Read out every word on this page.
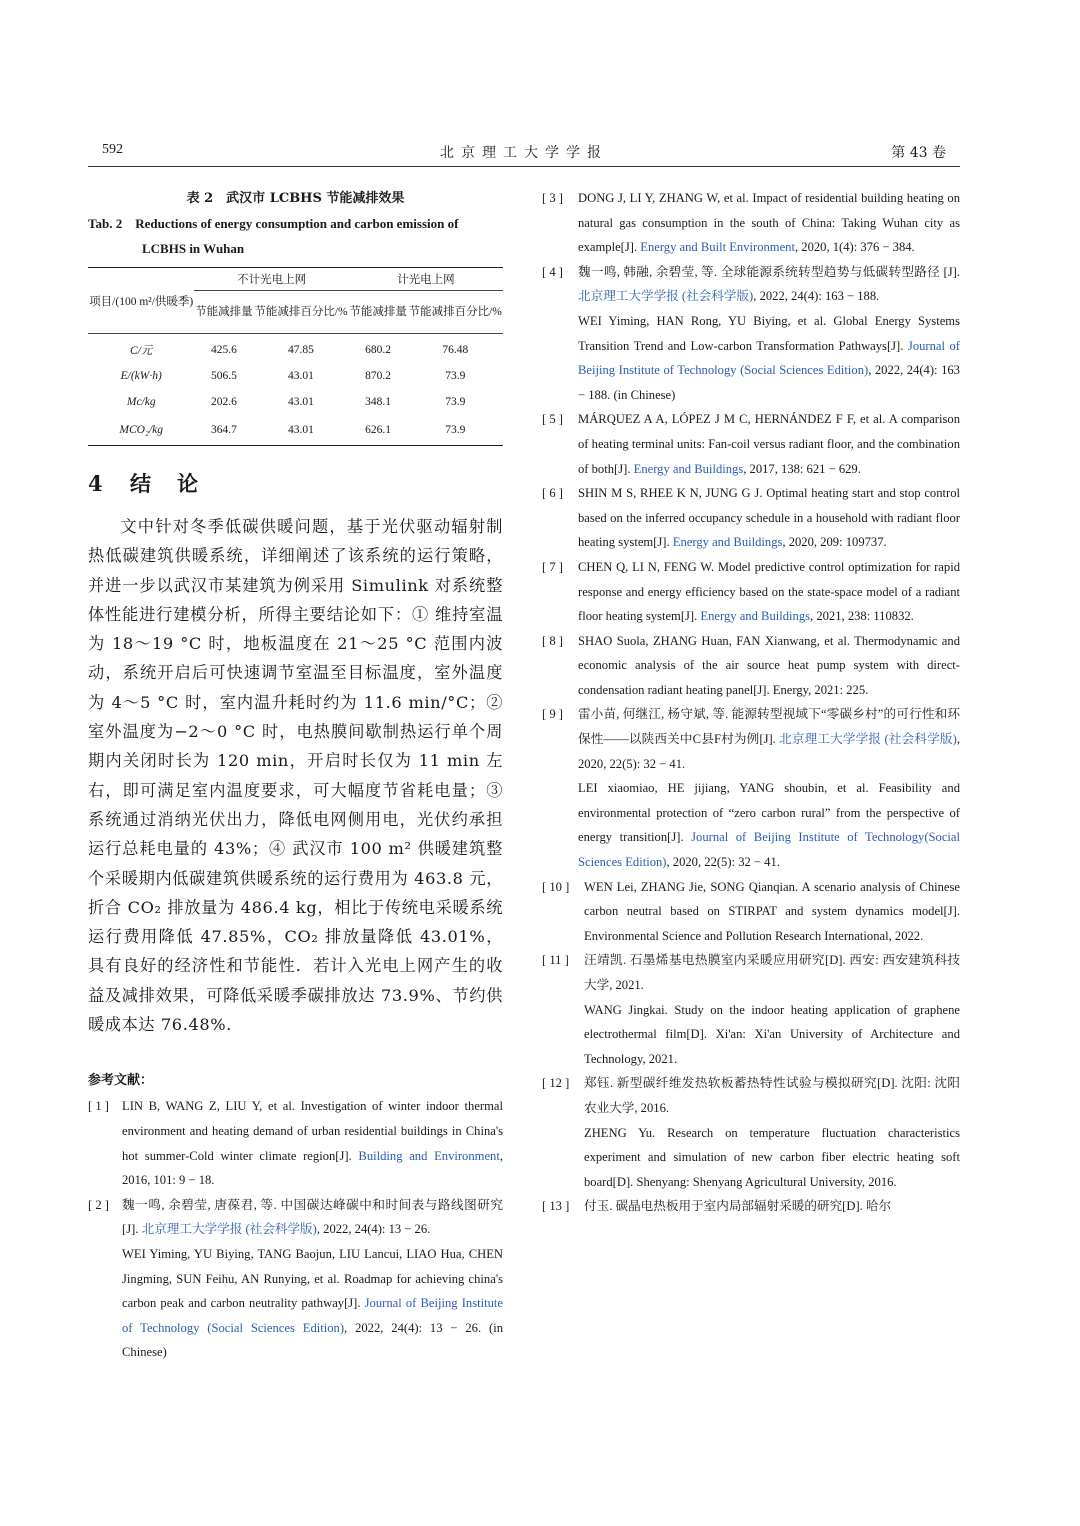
592	北京理工大学学报	第 43 卷
表 2　武汉市 LCBHS 节能减排效果
Tab. 2　Reductions of energy consumption and carbon emission of LCBHS in Wuhan
项目/(100 m²/供暖季)	不计光电上网		计光电上网	
	节能减排量	节能减排百分比/%	节能减排量	节能减排百分比/%
C/元	425.6	47.85	680.2	76.48
E/(kW·h)	506.5	43.01	870.2	73.9
Mc/kg	202.6	43.01	348.1	73.9
MCO₂/kg	364.7	43.01	626.1	73.9
4 结论
文中针对冬季低碳供暖问题，基于光伏驱动辐射制热低碳建筑供暖系统，详细阐述了该系统的运行策略，并进一步以武汉市某建筑为例采用 Simulink 对系统整体性能进行建模分析，所得主要结论如下：① 维持室温为 18～19 °C 时，地板温度在 21～25 °C 范围内波动，系统开启后可快速调节室温至目标温度，室外温度为 4～5 °C 时，室内温升耗时约为 11.6 min/°C；② 室外温度为−2～0 °C 时，电热膜间歇制热运行单个周期内关闭时长为 120 min，开启时长仅为 11 min 左右，即可满足室内温度要求，可大幅度节省耗电量；③ 系统通过消纳光伏出力，降低电网侧用电，光伏约承担运行总耗电量的 43%；④ 武汉市 100 m² 供暖建筑整个采暖期内低碳建筑供暖系统的运行费用为 463.8 元，折合 CO₂ 排放量为 486.4 kg，相比于传统电采暖系统运行费用降低 47.85%，CO₂ 排放量降低 43.01%，具有良好的经济性和节能性．若计入光电上网产生的收益及减排效果，可降低采暖季碳排放达 73.9%、节约供暖成本达 76.48%．
参考文献：
[ 1 ] LIN B, WANG Z, LIU Y, et al. Investigation of winter indoor thermal environment and heating demand of urban residential buildings in China's hot summer-Cold winter climate region[J]. Building and Environment, 2016, 101: 9 − 18.
[ 2 ] 魏一鸣, 余碧莹, 唐葆君, 等. 中国碳达峰碳中和时间表与路线图研究[J]. 北京理工大学学报 (社会科学版), 2022, 24(4): 13 − 26.
WEI Yiming, YU Biying, TANG Baojun, LIU Lancui, LIAO Hua, CHEN Jingming, SUN Feihu, AN Runying, et al. Roadmap for achieving china's carbon peak and carbon neutrality pathway[J]. Journal of Beijing Institute of Technology (Social Sciences Edition), 2022, 24(4): 13 − 26. (in Chinese)
[ 3 ] DONG J, LI Y, ZHANG W, et al. Impact of residential building heating on natural gas consumption in the south of China: Taking Wuhan city as example[J]. Energy and Built Environment, 2020, 1(4): 376 − 384.
[ 4 ] 魏一鸣, 韩融, 余碧莹, 等. 全球能源系统转型趋势与低碳转型路径 [J]. 北京理工大学学报 (社会科学版), 2022, 24(4): 163 − 188.
WEI Yiming, HAN Rong, YU Biying, et al. Global Energy Systems Transition Trend and Low-carbon Transformation Pathways[J]. Journal of Beijing Institute of Technology (Social Sciences Edition), 2022, 24(4): 163 − 188. (in Chinese)
[ 5 ] MÁRQUEZ A A, LÓPEZ J M C, HERNÁNDEZ F F, et al. A comparison of heating terminal units: Fan-coil versus radiant floor, and the combination of both[J]. Energy and Buildings, 2017, 138: 621 − 629.
[ 6 ] SHIN M S, RHEE K N, JUNG G J. Optimal heating start and stop control based on the inferred occupancy schedule in a household with radiant floor heating system[J]. Energy and Buildings, 2020, 209: 109737.
[ 7 ] CHEN Q, LI N, FENG W. Model predictive control optimization for rapid response and energy efficiency based on the state-space model of a radiant floor heating system[J]. Energy and Buildings, 2021, 238: 110832.
[ 8 ] SHAO Suola, ZHANG Huan, FAN Xianwang, et al. Thermodynamic and economic analysis of the air source heat pump system with direct-condensation radiant heating panel[J]. Energy, 2021: 225.
[ 9 ] 雷小苗, 何继江, 杨守斌, 等. 能源转型视域下“零碳乡村”的可行性和环保性——以陕西关中C县F村为例[J]. 北京理工大学学报 (社会科学版), 2020, 22(5): 32 − 41.
LEI xiaomiao, HE jijiang, YANG shoubin, et al. Feasibility and environmental protection of “zero carbon rural” from the perspective of energy transition[J]. Journal of Beijing Institute of Technology(Social Sciences Edition), 2020, 22(5): 32 − 41.
[ 10 ] WEN Lei, ZHANG Jie, SONG Qianqian. A scenario analysis of Chinese carbon neutral based on STIRPAT and system dynamics model[J]. Environmental Science and Pollution Research International, 2022.
[ 11 ] 汪靖凯. 石墨烯基电热膜室内采暖应用研究[D]. 西安: 西安建筑科技大学, 2021.
WANG Jingkai. Study on the indoor heating application of graphene electrothermal film[D]. Xi'an: Xi'an University of Architecture and Technology, 2021.
[ 12 ] 郑钰. 新型碳纤维发热软板蓄热特性试验与模拟研究[D]. 沈阳: 沈阳农业大学, 2016.
ZHENG Yu. Research on temperature fluctuation characteristics experiment and simulation of new carbon fiber electric heating soft board[D]. Shenyang: Shenyang Agricultural University, 2016.
[ 13 ] 付玉. 碳晶电热板用于室内局部辐射采暖的研究[D]. 哈尔
